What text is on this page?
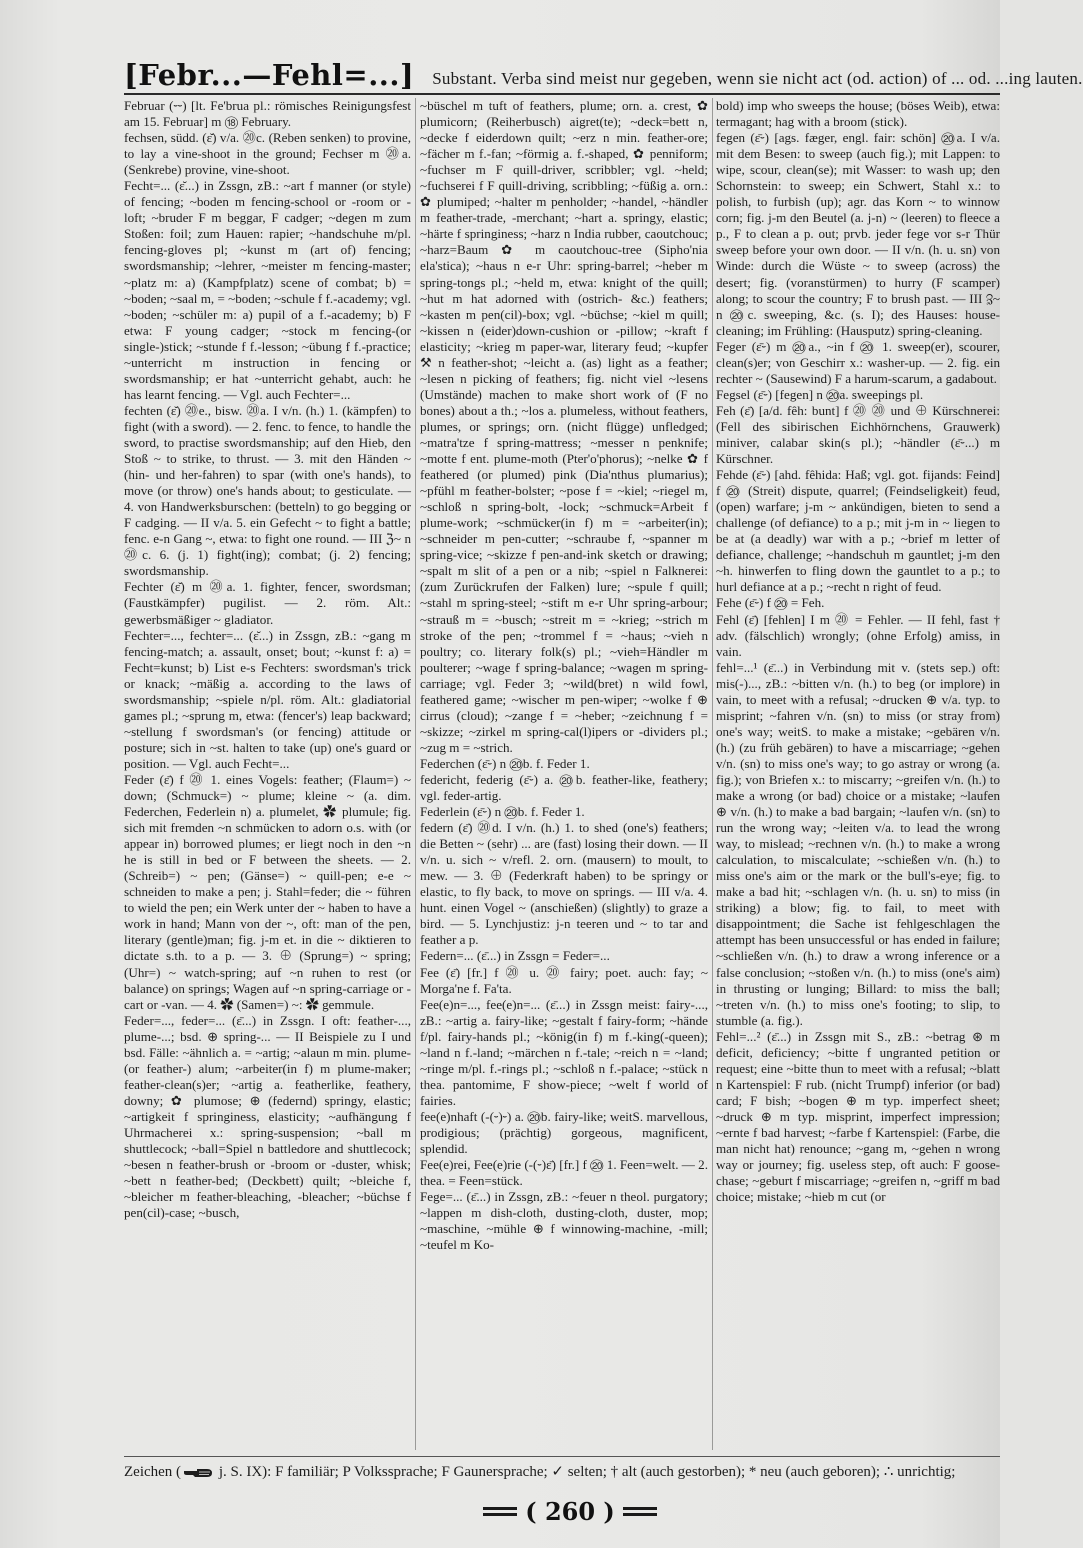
[Febr...—Fehl=...] Substant. Verba sind meist nur gegeben, wenn sie nicht act (od. action) of ... od. ...ing lauten.

Februar (⏑⏑) [lt. Fe'brua pl.: römisches Reinigungsfest am 15. Februar] m ⑱ February.

fechsen, südd. (ɛ̆) v/a. ⑳c. (Reben senken) to provine, to lay a vine-shoot in the ground; Fechser m ⑳a. (Senkrebe) provine, vine-shoot.

Fecht=... (ɛ̆...) in Zssgn, zB.: ~art f manner (or style) of fencing; ~boden m fencing-school or -room or -loft; ~bruder F m beggar, F cadger; ~degen m zum Stoßen: foil; zum Hauen: rapier; ~handschuhe m/pl. fencing-gloves pl; ~kunst m (art of) fencing; swordsmanship; ~lehrer, ~meister m fencing-master; ~platz m: a) (Kampfplatz) scene of combat; b) = ~boden; ~saal m, = ~boden; ~schule f f.-academy; vgl. ~boden; ~schüler m: a) pupil of a f.-academy; b) F etwa: F young cadger; ~stock m fencing-(or single-)stick; ~stunde f f.-lesson; ~übung f f.-practice; ~unterricht m instruction in fencing or swordsmanship; er hat ~unterricht gehabt, auch: he has learnt fencing. — Vgl. auch Fechter=...

fechten (ɛ̆) ⑳e., bisw. ⑳a. I v/n. (h.) 1. (kämpfen) to fight (with a sword). — 2. fenc. to fence, to handle the sword, to practise swordsmanship; auf den Hieb, den Stoß ~ to strike, to thrust. — 3. mit den Händen ~ (hin- und her-fahren) to spar (with one's hands), to move (or throw) one's hands about; to gesticulate. — 4. von Handwerksburschen: (betteln) to go begging or F cadging. — II v/a. 5. ein Gefecht ~ to fight a battle; fenc. e-n Gang ~, etwa: to fight one round. — III ℨ~ n ⑳c. 6. (j. 1) fight(ing); combat; (j. 2) fencing; swordsmanship.

Fechter (ɛ̆) m ⑳a. 1. fighter, fencer, swordsman; (Faustkämpfer) pugilist. — 2. röm. Alt.: gewerbsmäßiger ~ gladiator.

Fechter=..., fechter=... (ɛ̆...) in Zssgn, zB.: ~gang m fencing-match; a. assault, onset; bout; ~kunst f: a) = Fecht=kunst; b) List e-s Fechters: swordsman's trick or knack; ~mäßig a. according to the laws of swordsmanship; ~spiele n/pl. röm. Alt.: gladiatorial games pl.; ~sprung m, etwa: (fencer's) leap backward; ~stellung f swordsman's (or fencing) attitude or posture; sich in ~st. halten to take (up) one's guard or position. — Vgl. auch Fecht=...

Feder (ɛ̄) f ⑳ 1. eines Vogels: feather; (Flaum=) ~ down; (Schmuck=) ~ plume; kleine ~ (a. dim. Federchen, Federlein n) a. plumelet, ✿ plumule; fig. sich mit fremden ~n schmücken to adorn o.s. with (or appear in) borrowed plumes; er liegt noch in den ~n he is still in bed or F between the sheets. — 2. (Schreib=) ~ pen; (Gänse=) ~ quill-pen; e-e ~ schneiden to make a pen; j. Stahl=feder; die ~ führen to wield the pen; ein Werk unter der ~ haben to have a work in hand; Mann von der ~, oft: man of the pen, literary (gentle)man; fig. j-m et. in die ~ diktieren to dictate s.th. to a p. — 3. ⊕ (Sprung=) ~ spring; (Uhr=) ~ watch-spring; auf ~n ruhen to rest (or balance) on springs; Wagen auf ~n spring-carriage or -cart or -van. — 4. ✿ (Samen=) ~: ✿ gemmule.

Feder=..., feder=... (ɛ̄...) in Zssgn. I oft: feather-..., plume-...; bsd. ⊕ spring-... — II Beispiele zu I und bsd. Fälle: ~ähnlich a. = ~artig; ~alaun m min. plume- (or feather-) alum; ~arbeiter(in f) m plume-maker; feather-clean(s)er; ~artig a. featherlike, feathery, downy; ✿ plumose; ⊕ (federnd) springy, elastic; ~artigkeit f springiness, elasticity; ~aufhängung f Uhrmacherei x.: spring-suspension; ~ball m shuttlecock; ~ball=Spiel n battledore and shuttlecock; ~besen n feather-brush or -broom or -duster, whisk; ~bett n feather-bed; (Deckbett) quilt; ~bleiche f, ~bleicher m feather-bleaching, -bleacher; ~büchse f pen(cil)-case; ~busch,

~büschel m tuft of feathers, plume; orn. a. crest, ✿ plumicorn; (Reiherbusch) aigret(te); ~deck=bett n, ~decke f eiderdown quilt; ~erz n min. feather-ore; ~fächer m f.-fan; ~förmig a. f.-shaped, ✿ penniform; ~fuchser m F quill-driver, scribbler; vgl. ~held; ~fuchserei f F quill-driving, scribbling; ~füßig a. orn.: ✿ plumiped; ~halter m penholder; ~handel, ~händler m feather-trade, -merchant; ~hart a. springy, elastic; ~härte f springiness; ~harz n India rubber, caoutchouc; ~harz=Baum ✿ m caoutchouc-tree (Sipho'nia ela'stica); ~haus n e-r Uhr: spring-barrel; ~heber m spring-tongs pl.; ~held m, etwa: knight of the quill; ~hut m hat adorned with (ostrich- &c.) feathers; ~kasten m pen(cil)-box; vgl. ~büchse; ~kiel m quill; ~kissen n (eider)down-cushion or -pillow; ~kraft f elasticity; ~krieg m paper-war, literary feud; ~kupfer ⚒ n feather-shot; ~leicht a. (as) light as a feather; ~lesen n picking of feathers; fig. nicht viel ~lesens (Umstände) machen to make short work of (F no bones) about a th.; ~los a. plumeless, without feathers, plumes, or springs; orn. (nicht flügge) unfledged; ~matra'tze f spring-mattress; ~messer n penknife; ~motte f ent. plume-moth (Pter'o'phorus); ~nelke ✿ f feathered (or plumed) pink (Dia'nthus plumarius); ~pfühl m feather-bolster; ~pose f = ~kiel; ~riegel m, ~schloß n spring-bolt, -lock; ~schmuck=Arbeit f plume-work; ~schmücker(in f) m = ~arbeiter(in); ~schneider m pen-cutter; ~schraube f, ~spanner m spring-vice; ~skizze f pen-and-ink sketch or drawing; ~spalt m slit of a pen or a nib; ~spiel n Falknerei: (zum Zurückrufen der Falken) lure; ~spule f quill; ~stahl m spring-steel; ~stift m e-r Uhr spring-arbour; ~strauß m = ~busch; ~streit m = ~krieg; ~strich m stroke of the pen; ~trommel f = ~haus; ~vieh n poultry; co. literary folk(s) pl.; ~vieh=Händler m poulterer; ~wage f spring-balance; ~wagen m spring-carriage; vgl. Feder 3; ~wild(bret) n wild fowl, feathered game; ~wischer m pen-wiper; ~wolke f ⊕ cirrus (cloud); ~zange f = ~heber; ~zeichnung f = ~skizze; ~zirkel m spring-cal(l)ipers or -dividers pl.; ~zug m = ~strich.

Federchen (ɛ̄⏑) n ⑳b. f. Feder 1.

federicht, federig (ɛ̄⏑) a. ⑳b. feather-like, feathery; vgl. feder-artig.

Federlein (ɛ̄⏑) n ⑳b. f. Feder 1.

federn (ɛ̄) ⑳d. I v/n. (h.) 1. to shed (one's) feathers; die Betten ~ (sehr) ... are (fast) losing their down. — II v/n. u. sich ~ v/refl. 2. orn. (mausern) to moult, to mew. — 3. ⊕ (Federkraft haben) to be springy or elastic, to fly back, to move on springs. — III v/a. 4. hunt. einen Vogel ~ (anschießen) (slightly) to graze a bird. — 5. Lynchjustiz: j-n teeren und ~ to tar and feather a p.

Federn=... (ɛ̄...) in Zssgn = Feder=...

Fee (ɛ̄) [fr.] f ⑳ u. ⑳ fairy; poet. auch: fay; ~ Morga'ne f. Fa'ta.

Fee(e)n=..., fee(e)n=... (ɛ̄...) in Zssgn meist: fairy-..., zB.: ~artig a. fairy-like; ~gestalt f fairy-form; ~hände f/pl. fairy-hands pl.; ~könig(in f) m f.-king(-queen); ~land n f.-land; ~märchen n f.-tale; ~reich n = ~land; ~ringe m/pl. f.-rings pl.; ~schloß n f.-palace; ~stück n thea. pantomime, F show-piece; ~welt f world of fairies.

fee(e)nhaft (-(⏑)⏑) a. ⑳b. fairy-like; weitS. marvellous, prodigious; (prächtig) gorgeous, magnificent, splendid.

Fee(e)rei, Fee(e)rie (-(⏑)ɛ̄) [fr.] f ⑳ 1. Feen=welt. — 2. thea. = Feen=stück.

Fege=... (ɛ̄...) in Zssgn, zB.: ~feuer n theol. purgatory; ~lappen m dish-cloth, dusting-cloth, duster, mop; ~maschine, ~mühle ⊕ f winnowing-machine, -mill; ~teufel m Ko-

bold) imp who sweeps the house; (böses Weib), etwa: termagant; hag with a broom (stick).

fegen (ɛ̄⏑) [ags. fæger, engl. fair: schön] ⑳a. I v/a. mit dem Besen: to sweep (auch fig.); mit Lappen: to wipe, scour, clean(se); mit Wasser: to wash up; den Schornstein: to sweep; ein Schwert, Stahl x.: to polish, to furbish (up); agr. das Korn ~ to winnow corn; fig. j-m den Beutel (a. j-n) ~ (leeren) to fleece a p., F to clean a p. out; prvb. jeder fege vor s-r Thür sweep before your own door. — II v/n. (h. u. sn) von Winde: durch die Wüste ~ to sweep (across) the desert; fig. (voranstürmen) to hurry (F scamper) along; to scour the country; F to brush past. — III ℨ~ n ⑳c. sweeping, &c. (s. I); des Hauses: house-cleaning; im Frühling: (Hausputz) spring-cleaning.

Feger (ɛ̄⏑) m ⑳a., ~in f ⑳ 1. sweep(er), scourer, clean(s)er; von Geschirr x.: washer-up. — 2. fig. ein rechter ~ (Sausewind) F a harum-scarum, a gadabout.

Fegsel (ɛ̄⏑) [fegen] n ⑳a. sweepings pl.

Feh (ɛ̄) [a/d. fêh: bunt] f ⑳ ⑳ und ⊕ Kürschnerei: (Fell des sibirischen Eichhörnchens, Grauwerk) miniver, calabar skin(s pl.); ~händler (ɛ̄⏑...) m Kürschner.

Fehde (ɛ̄⏑) [ahd. fêhida: Haß; vgl. got. fijands: Feind] f ⑳ (Streit) dispute, quarrel; (Feindseligkeit) feud, (open) warfare; j-m ~ ankündigen, bieten to send a challenge (of defiance) to a p.; mit j-m in ~ liegen to be at (a deadly) war with a p.; ~brief m letter of defiance, challenge; ~handschuh m gauntlet; j-m den ~h. hinwerfen to fling down the gauntlet to a p.; to hurl defiance at a p.; ~recht n right of feud.

Fehe (ɛ̄⏑) f ⑳ = Feh.

Fehl (ɛ̄) [fehlen] I m ⑳ = Fehler. — II fehl, fast † adv. (fälschlich) wrongly; (ohne Erfolg) amiss, in vain.

fehl=...¹ (ɛ̄...) in Verbindung mit v. (stets sep.) oft: mis(-)..., zB.: ~bitten v/n. (h.) to beg (or implore) in vain, to meet with a refusal; ~drucken ⊕ v/a. typ. to misprint; ~fahren v/n. (sn) to miss (or stray from) one's way; weitS. to make a mistake; ~gebären v/n. (h.) (zu früh gebären) to have a miscarriage; ~gehen v/n. (sn) to miss one's way; to go astray or wrong (a. fig.); von Briefen x.: to miscarry; ~greifen v/n. (h.) to make a wrong (or bad) choice or a mistake; ~laufen ⊕ v/n. (h.) to make a bad bargain; ~laufen v/n. (sn) to run the wrong way; ~leiten v/a. to lead the wrong way, to mislead; ~rechnen v/n. (h.) to make a wrong calculation, to miscalculate; ~schießen v/n. (h.) to miss one's aim or the mark or the bull's-eye; fig. to make a bad hit; ~schlagen v/n. (h. u. sn) to miss (in striking) a blow; fig. to fail, to meet with disappointment; die Sache ist fehlgeschlagen the attempt has been unsuccessful or has ended in failure; ~schließen v/n. (h.) to draw a wrong inference or a false conclusion; ~stoßen v/n. (h.) to miss (one's aim) in thrusting or lunging; Billard: to miss the ball; ~treten v/n. (h.) to miss one's footing; to slip, to stumble (a. fig.).

Fehl=...² (ɛ̄...) in Zssgn mit S., zB.: ~betrag ⊛ m deficit, deficiency; ~bitte f ungranted petition or request; eine ~bitte thun to meet with a refusal; ~blatt n Kartenspiel: F rub. (nicht Trumpf) inferior (or bad) card; F bish; ~bogen ⊕ m typ. imperfect sheet; ~druck ⊕ m typ. misprint, imperfect impression; ~ernte f bad harvest; ~farbe f Kartenspiel: (Farbe, die man nicht hat) renounce; ~gang m, ~gehen n wrong way or journey; fig. useless step, oft auch: F goose-chase; ~geburt f miscarriage; ~greifen n, ~griff m bad choice; mistake; ~hieb m cut (or

Zeichen ( j. S. IX): F familiär; P Volkssprache; F Gaunersprache; ✓ selten; † alt (auch gestorben); * neu (auch geboren); ∴ unrichtig;
( 260 )
